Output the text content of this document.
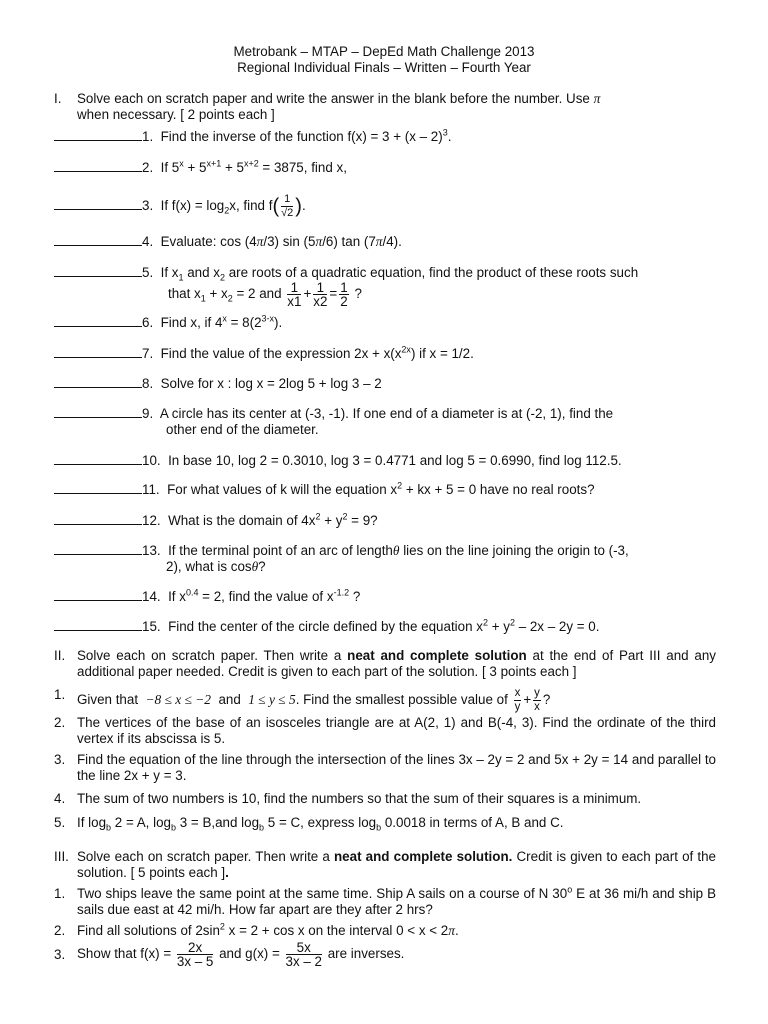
Metrobank – MTAP – DepEd Math Challenge 2013
Regional Individual Finals – Written – Fourth Year
I. Solve each on scratch paper and write the answer in the blank before the number. Use π
when necessary. [ 2 points each ]
1. Find the inverse of the function f(x) = 3 + (x – 2)$^3$.
2. If $5^x + 5^{x+1} + 5^{x+2} = 3875$, find x,
3. If $f(x) = \log_2x$, find $f( \frac{1}{√2}$ ).
4. Evaluate: cos (4π/3) sin (5π/6) tan (7π/4).
5. If $x_1$ and $x_2$ are roots of a quadratic equation, find the product of these roots such
that $x_1 + x_2 = 2$ and $\frac{1}{x1} + \frac{1}{x2} = \frac{1}{2}$ ?
6. Find x, if $4^x = 8(2^{3-x})$.
7. Find the value of the expression $2x + x(x^{2x})$ if x = 1/2.
8. Solve for x : log x = 2log 5 + log 3 – 2
9. A circle has its center at (-3, -1). If one end of a diameter is at (-2, 1), find the
other end of the diameter.
10. In base 10, log 2 = 0.3010, log 3 = 0.4771 and log 5 = 0.6990, find log 112.5.
11. For what values of k will the equation $x^2$ + kx + 5 = 0 have no real roots?
12. What is the domain of $4x^2 + y^2 = 9$?
13. If the terminal point of an arc of lengthθ lies on the line joining the origin to (-3,
2), what is cosθ?
14. If $x^{0.4} = 2$, find the value of $x^{-1.2}$ ?
15. Find the center of the circle defined by the equation $x^2 + y^2 - 2x - 2y = 0$.
II. Solve each on scratch paper. Then write a neat and complete solution at the end of Part III and any additional paper needed. Credit is given to each part of the solution. [ 3 points each ]
1. Given that −8 ≤ x ≤ −2 and 1 ≤ y ≤ 5. Find the smallest possible value of $\frac{x}{y} + \frac{y}{x}$ ?
2. The vertices of the base of an isosceles triangle are at A(2, 1) and B(-4, 3). Find the ordinate of the third vertex if its abscissa is 5.
3. Find the equation of the line through the intersection of the lines 3x – 2y = 2 and 5x + 2y = 14 and parallel to the line 2x + y = 3.
4. The sum of two numbers is 10, find the numbers so that the sum of their squares is a minimum.
5. If $\log_b 2 = A$, $\log_b 3 = B,and$ $\log_b 5 = C$, express $\log_b 0.0018$ in terms of A, B and C.
III. Solve each on scratch paper. Then write a neat and complete solution. Credit is given to each part of the solution. [ 5 points each ].
1. Two ships leave the same point at the same time. Ship A sails on a course of N 30$^o$ E at 36 mi/h and ship B sails due east at 42 mi/h. How far apart are they after 2 hrs?
2. Find all solutions of $2\sin^2$ x = 2 + cos x on the interval 0 < x < 2π.
3. Show that $f(x) = \frac{2x}{3x - 5}$ and $g(x) = \frac{5x}{3x - 2}$ are inverses.
